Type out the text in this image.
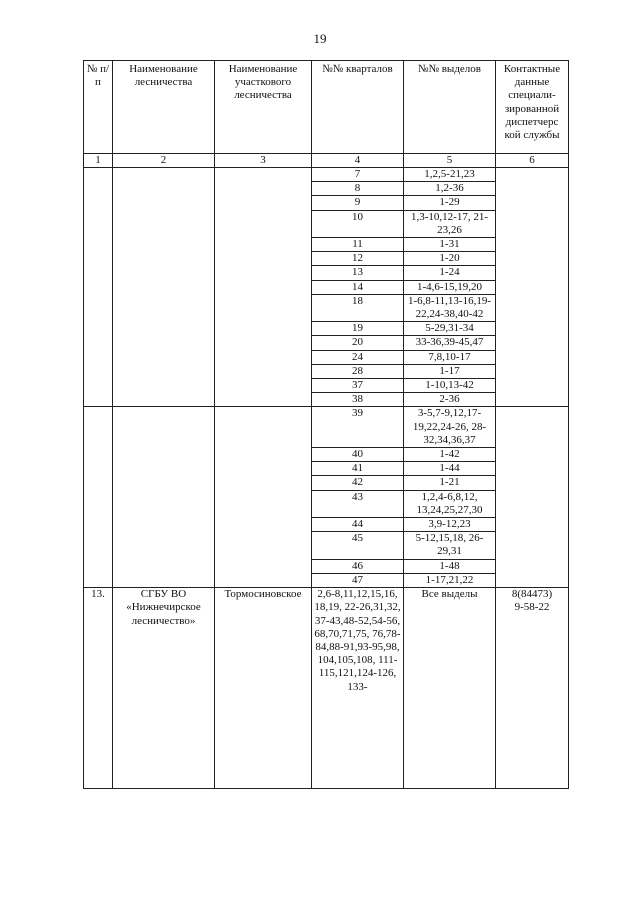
19
№ п/п	Наименование лесничества	Наименование участкового лесничества	№№ кварталов	№№ выделов	Контактные данные специали-зированной диспетчерс кой службы
1	2	3	4	5	6
			7	1,2,5-21,23	
			8	1,2-36	
			9	1-29	
			10	1,3-10,12-17, 21-23,26	
			11	1-31	
			12	1-20	
			13	1-24	
			14	1-4,6-15,19,20	
			18	1-6,8-11,13-16,19-22,24-38,40-42	
			19	5-29,31-34	
			20	33-36,39-45,47	
			24	7,8,10-17	
			28	1-17	
			37	1-10,13-42	
			38	2-36	
			39	3-5,7-9,12,17-19,22,24-26, 28-32,34,36,37	
			40	1-42	
			41	1-44	
			42	1-21	
			43	1,2,4-6,8,12, 13,24,25,27,30	
			44	3,9-12,23	
			45	5-12,15,18, 26-29,31	
			46	1-48	
			47	1-17,21,22	
13.	СГБУ ВО «Нижнечирское лесничество»	Тормосиновское	2,6-8,11,12,15,16, 18,19, 22-26,31,32, 37-43,48-52,54-56, 68,70,71,75, 76,78-84,88-91,93-95,98, 104,105,108, 111-115,121,124-126, 133-	Все выделы	8(84473)
9-58-22
